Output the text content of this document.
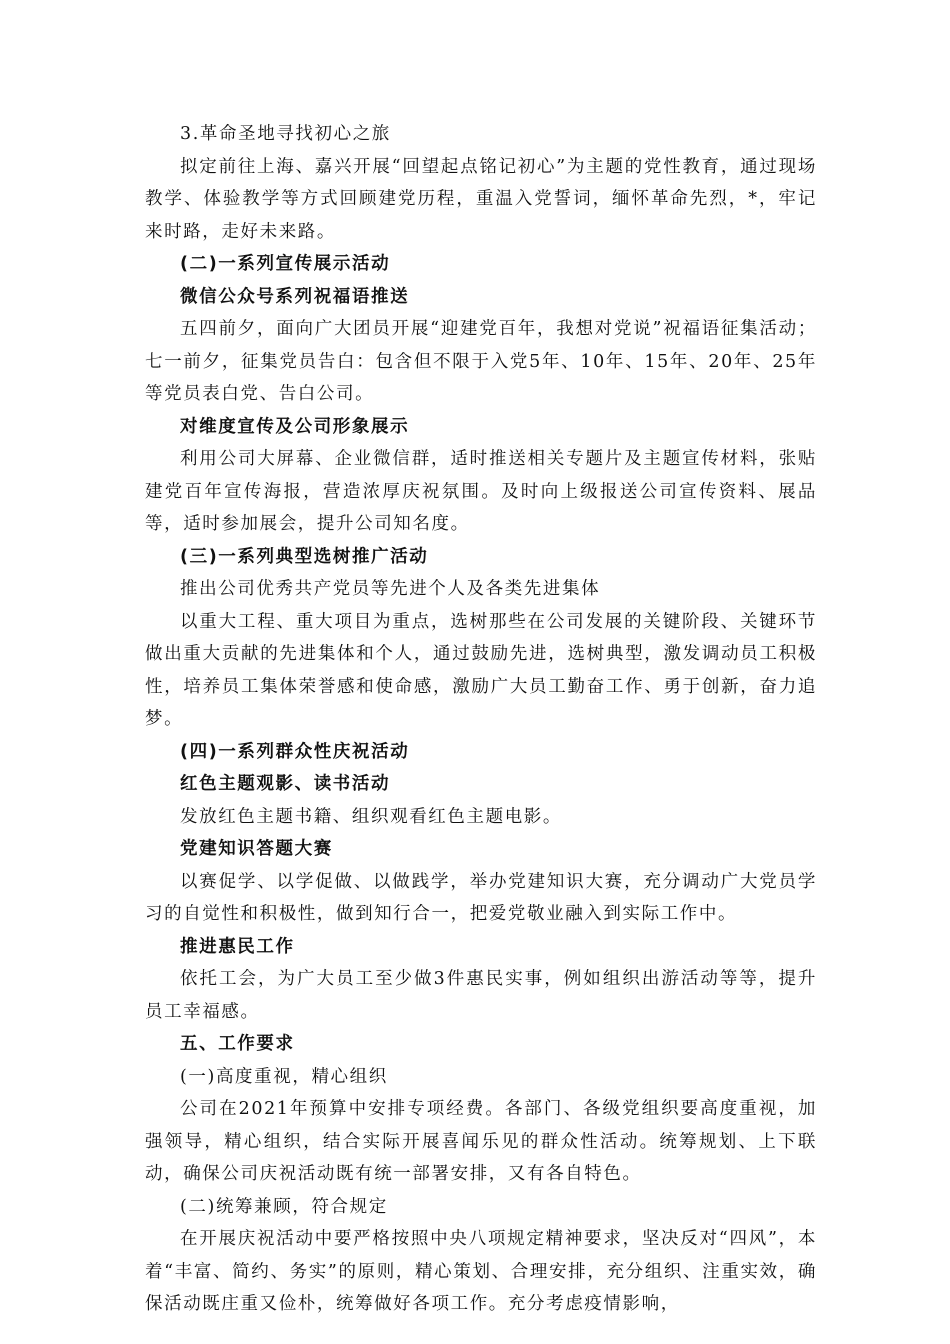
3.革命圣地寻找初心之旅

拟定前往上海、嘉兴开展“回望起点铭记初心”为主题的党性教育，通过现场教学、体验教学等方式回顾建党历程，重温入党誓词，缅怀革命先烈，*，牢记来时路，走好未来路。

(二)一系列宣传展示活动

微信公众号系列祝福语推送

五四前夕，面向广大团员开展“迎建党百年，我想对党说”祝福语征集活动；七一前夕，征集党员告白：包含但不限于入党5年、10年、15年、20年、25年等党员表白党、告白公司。

对维度宣传及公司形象展示

利用公司大屏幕、企业微信群，适时推送相关专题片及主题宣传材料，张贴建党百年宣传海报，营造浓厚庆祝氛围。及时向上级报送公司宣传资料、展品等，适时参加展会，提升公司知名度。

(三)一系列典型选树推广活动

推出公司优秀共产党员等先进个人及各类先进集体

以重大工程、重大项目为重点，选树那些在公司发展的关键阶段、关键环节做出重大贡献的先进集体和个人，通过鼓励先进，选树典型，激发调动员工积极性，培养员工集体荣誉感和使命感，激励广大员工勤奋工作、勇于创新，奋力追梦。

(四)一系列群众性庆祝活动

红色主题观影、读书活动

发放红色主题书籍、组织观看红色主题电影。

党建知识答题大赛

以赛促学、以学促做、以做践学，举办党建知识大赛，充分调动广大党员学习的自觉性和积极性，做到知行合一，把爱党敬业融入到实际工作中。

推进惠民工作

依托工会，为广大员工至少做3件惠民实事，例如组织出游活动等等，提升员工幸福感。

五、工作要求

(一)高度重视，精心组织

公司在2021年预算中安排专项经费。各部门、各级党组织要高度重视，加强领导，精心组织，结合实际开展喜闻乐见的群众性活动。统筹规划、上下联动，确保公司庆祝活动既有统一部署安排，又有各自特色。

(二)统筹兼顾，符合规定

在开展庆祝活动中要严格按照中央八项规定精神要求，坚决反对“四风”，本着“丰富、简约、务实”的原则，精心策划、合理安排，充分组织、注重实效，确保活动既庄重又俭朴，统筹做好各项工作。充分考虑疫情影响，
